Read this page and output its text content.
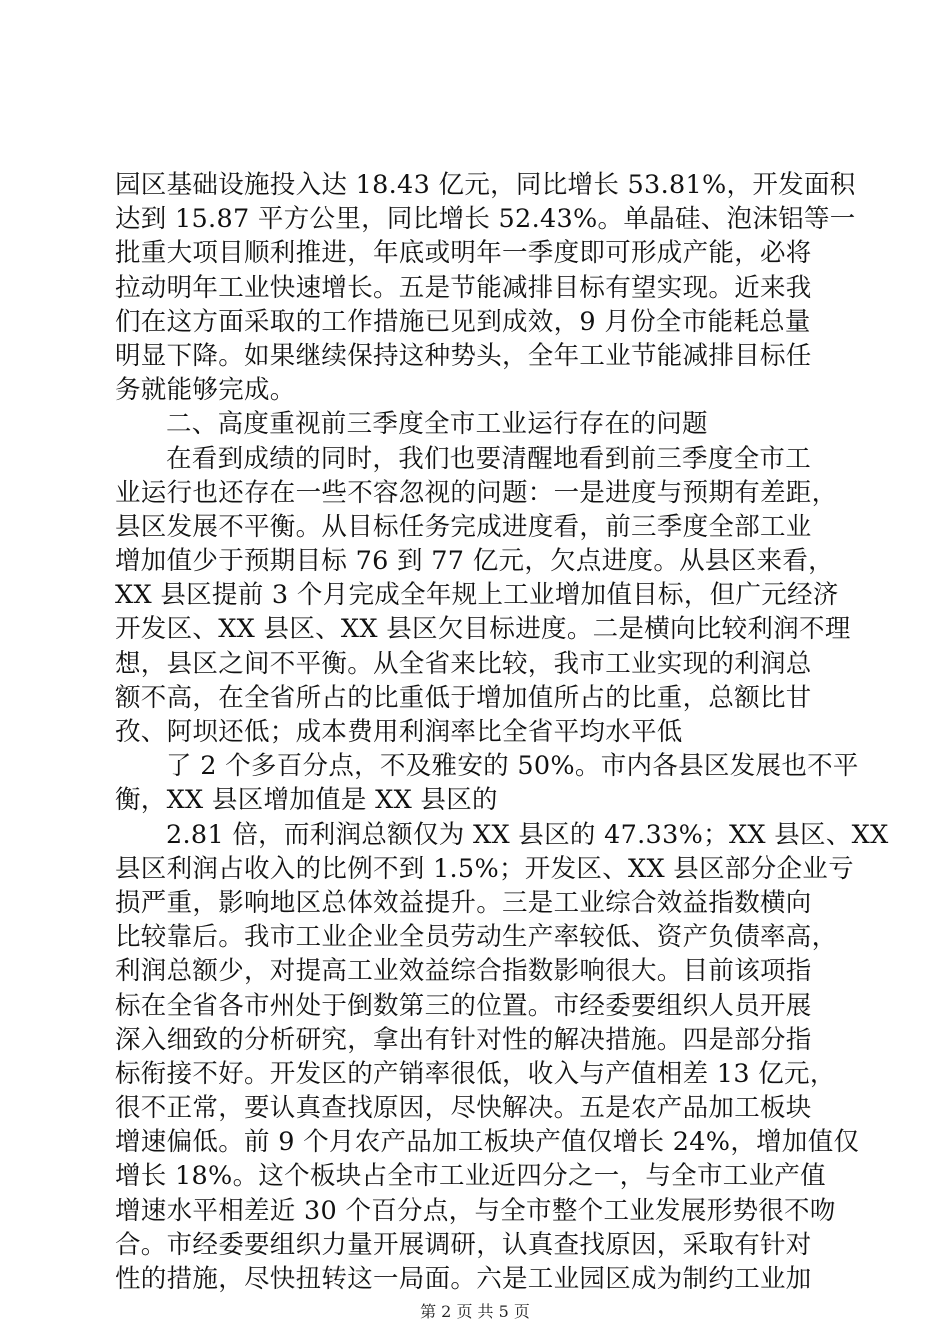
园区基础设施投入达 18.43 亿元，同比增长 53.81%，开发面积
达到 15.87 平方公里，同比增长 52.43%。单晶硅、泡沫铝等一
批重大项目顺利推进，年底或明年一季度即可形成产能，必将
拉动明年工业快速增长。五是节能减排目标有望实现。近来我
们在这方面采取的工作措施已见到成效，9 月份全市能耗总量
明显下降。如果继续保持这种势头，全年工业节能减排目标任
务就能够完成。
二、高度重视前三季度全市工业运行存在的问题
在看到成绩的同时，我们也要清醒地看到前三季度全市工
业运行也还存在一些不容忽视的问题：一是进度与预期有差距，
县区发展不平衡。从目标任务完成进度看，前三季度全部工业
增加值少于预期目标 76 到 77 亿元，欠点进度。从县区来看，
XX 县区提前 3 个月完成全年规上工业增加值目标，但广元经济
开发区、XX 县区、XX 县区欠目标进度。二是横向比较利润不理
想，县区之间不平衡。从全省来比较，我市工业实现的利润总
额不高，在全省所占的比重低于增加值所占的比重，总额比甘
孜、阿坝还低；成本费用利润率比全省平均水平低
了 2 个多百分点，不及雅安的 50%。市内各县区发展也不平
衡，XX 县区增加值是 XX 县区的
2.81 倍，而利润总额仅为 XX 县区的 47.33%；XX 县区、XX
县区利润占收入的比例不到 1.5%；开发区、XX 县区部分企业亏
损严重，影响地区总体效益提升。三是工业综合效益指数横向
比较靠后。我市工业企业全员劳动生产率较低、资产负债率高，
利润总额少，对提高工业效益综合指数影响很大。目前该项指
标在全省各市州处于倒数第三的位置。市经委要组织人员开展
深入细致的分析研究，拿出有针对性的解决措施。四是部分指
标衔接不好。开发区的产销率很低，收入与产值相差 13 亿元，
很不正常，要认真查找原因，尽快解决。五是农产品加工板块
增速偏低。前 9 个月农产品加工板块产值仅增长 24%，增加值仅
增长 18%。这个板块占全市工业近四分之一，与全市工业产值
增速水平相差近 30 个百分点，与全市整个工业发展形势很不吻
合。市经委要组织力量开展调研，认真查找原因，采取有针对
性的措施，尽快扭转这一局面。六是工业园区成为制约工业加
第 2 页 共 5 页
